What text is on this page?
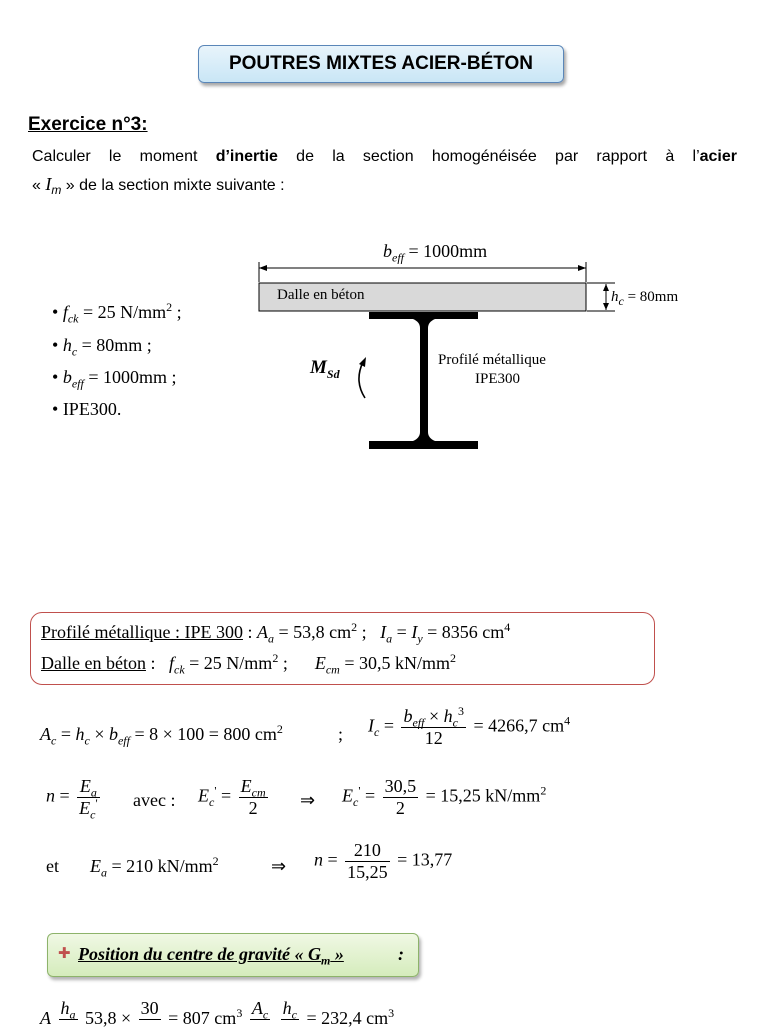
POUTRES MIXTES ACIER-BÉTON
Exercice n°3:
Calculer le moment d’inertie de la section homogénéisée par rapport à l’acier
« $I_m$ » de la section mixte suivante :
• $f_{ck} = 25$ $N/mm^2$ ;
• $h_c = 80mm$ ;
• $b_{eff} = 1000mm$ ;
• IPE300.
$b_{eff} = 1000mm$
Dalle en béton	$h_c = 80mm$
$M_{Sd}$
Profilé métallique
IPE300
Profilé métallique : IPE 300 : $A_a = 53,8$ $cm^2$ ;   $I_a = I_y = 8356$ $cm^4$
Dalle en béton :   $f_{ck} = 25$ $N/mm^2$ ;      $E_{cm} = 30,5$ $kN/mm^2$
$A_c = h_c \times b_{eff} = 8 \times 100 = 800$ $cm^2$	; $I_c = \frac{b_{eff} \times h_c^3}{12} = 4266,7$ $cm^4$
$n = \frac{E_a}{E_c'}$ avec : $E_c' = \frac{E_{cm}}{2}$ ⇒ $E_c' = \frac{30,5}{2} = 15,25$ $kN/mm^2$
et $E_a = 210$ $kN/mm^2$	⇒ $n = \frac{210}{15,25} = 13,77$
✚ Position du centre de gravité « $G_m$ »	:
A $h_a$ 53,8 × 30 = 807 $cm^3$ $A_c$
$h_c = 232,4$ $cm^3$
